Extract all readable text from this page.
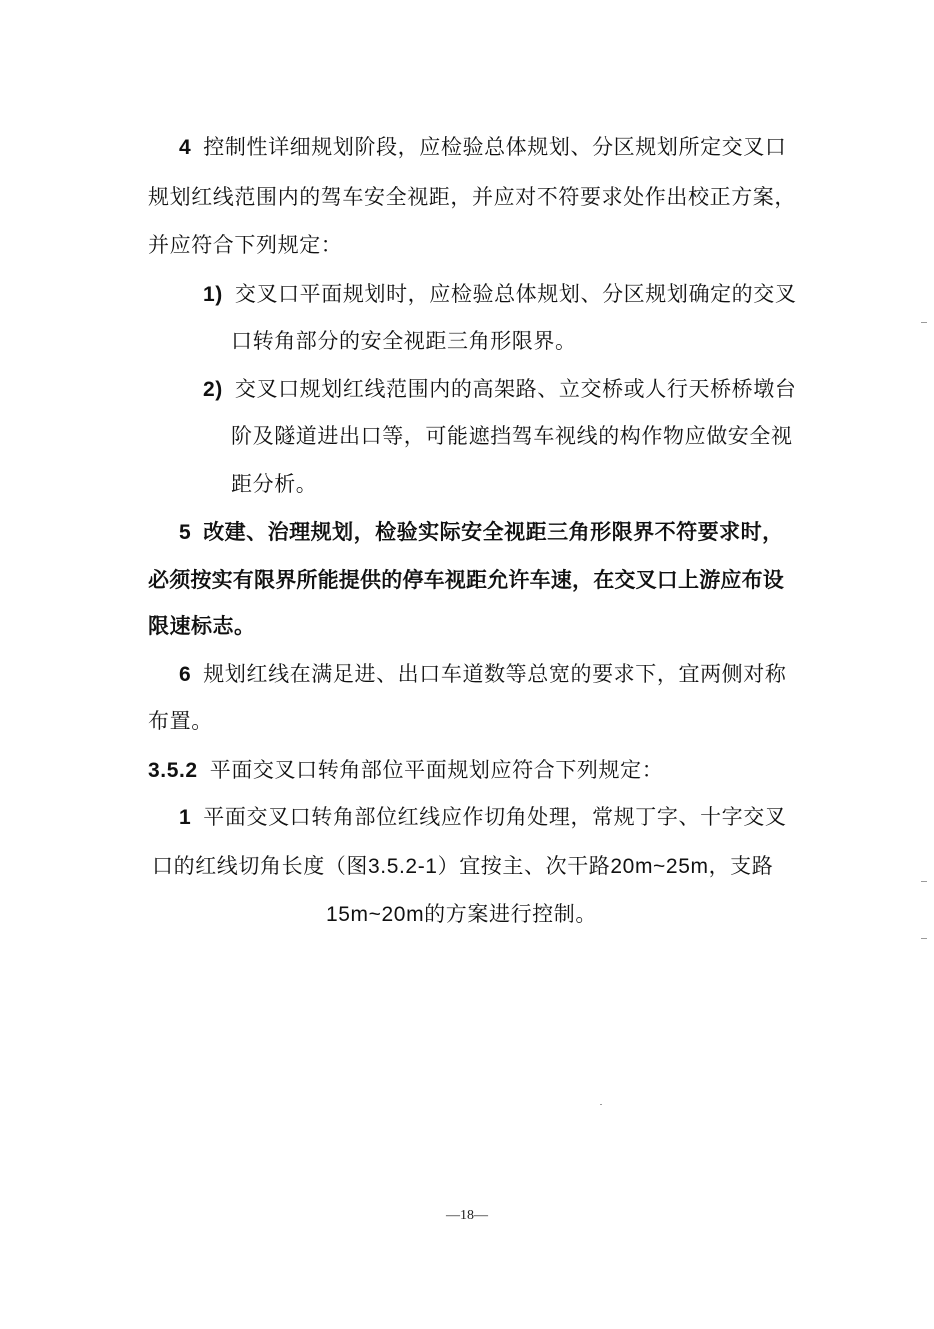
4 控制性详细规划阶段，应检验总体规划、分区规划所定交叉口
规划红线范围内的驾车安全视距，并应对不符要求处作出校正方案，
并应符合下列规定：
1) 交叉口平面规划时，应检验总体规划、分区规划确定的交叉
口转角部分的安全视距三角形限界。
2) 交叉口规划红线范围内的高架路、立交桥或人行天桥桥墩台
阶及隧道进出口等，可能遮挡驾车视线的构作物应做安全视
距分析。
5 改建、治理规划，检验实际安全视距三角形限界不符要求时，
必须按实有限界所能提供的停车视距允许车速，在交叉口上游应布设
限速标志。
6 规划红线在满足进、出口车道数等总宽的要求下，宜两侧对称
布置。
3.5.2 平面交叉口转角部位平面规划应符合下列规定：
1 平面交叉口转角部位红线应作切角处理，常规丁字、十字交叉
口的红线切角长度（图3.5.2-1）宜按主、次干路20m~25m，支路
15m~20m的方案进行控制。
—18—
